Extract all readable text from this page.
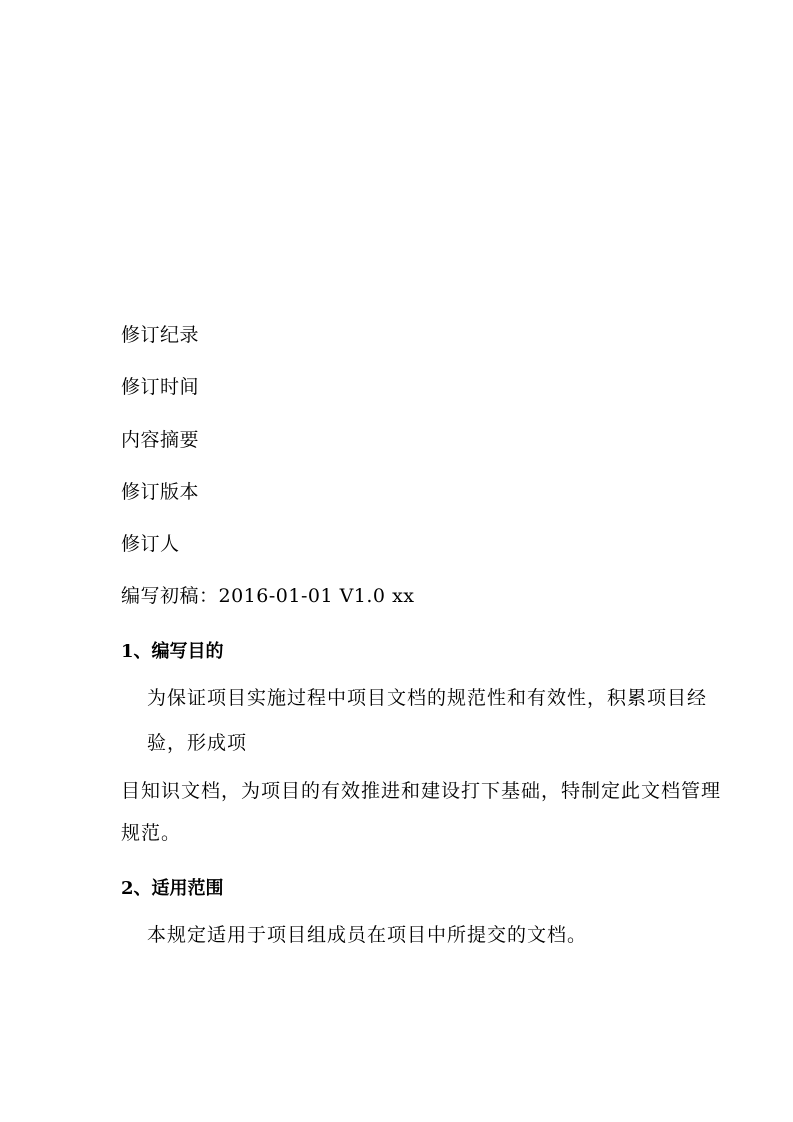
修订纪录
修订时间
内容摘要
修订版本
修订人
编写初稿：2016-01-01 V1.0 xx
1、编写目的
为保证项目实施过程中项目文档的规范性和有效性，积累项目经
验，形成项
目知识文档，为项目的有效推进和建设打下基础，特制定此文档管理
规范。
2、适用范围
本规定适用于项目组成员在项目中所提交的文档。
